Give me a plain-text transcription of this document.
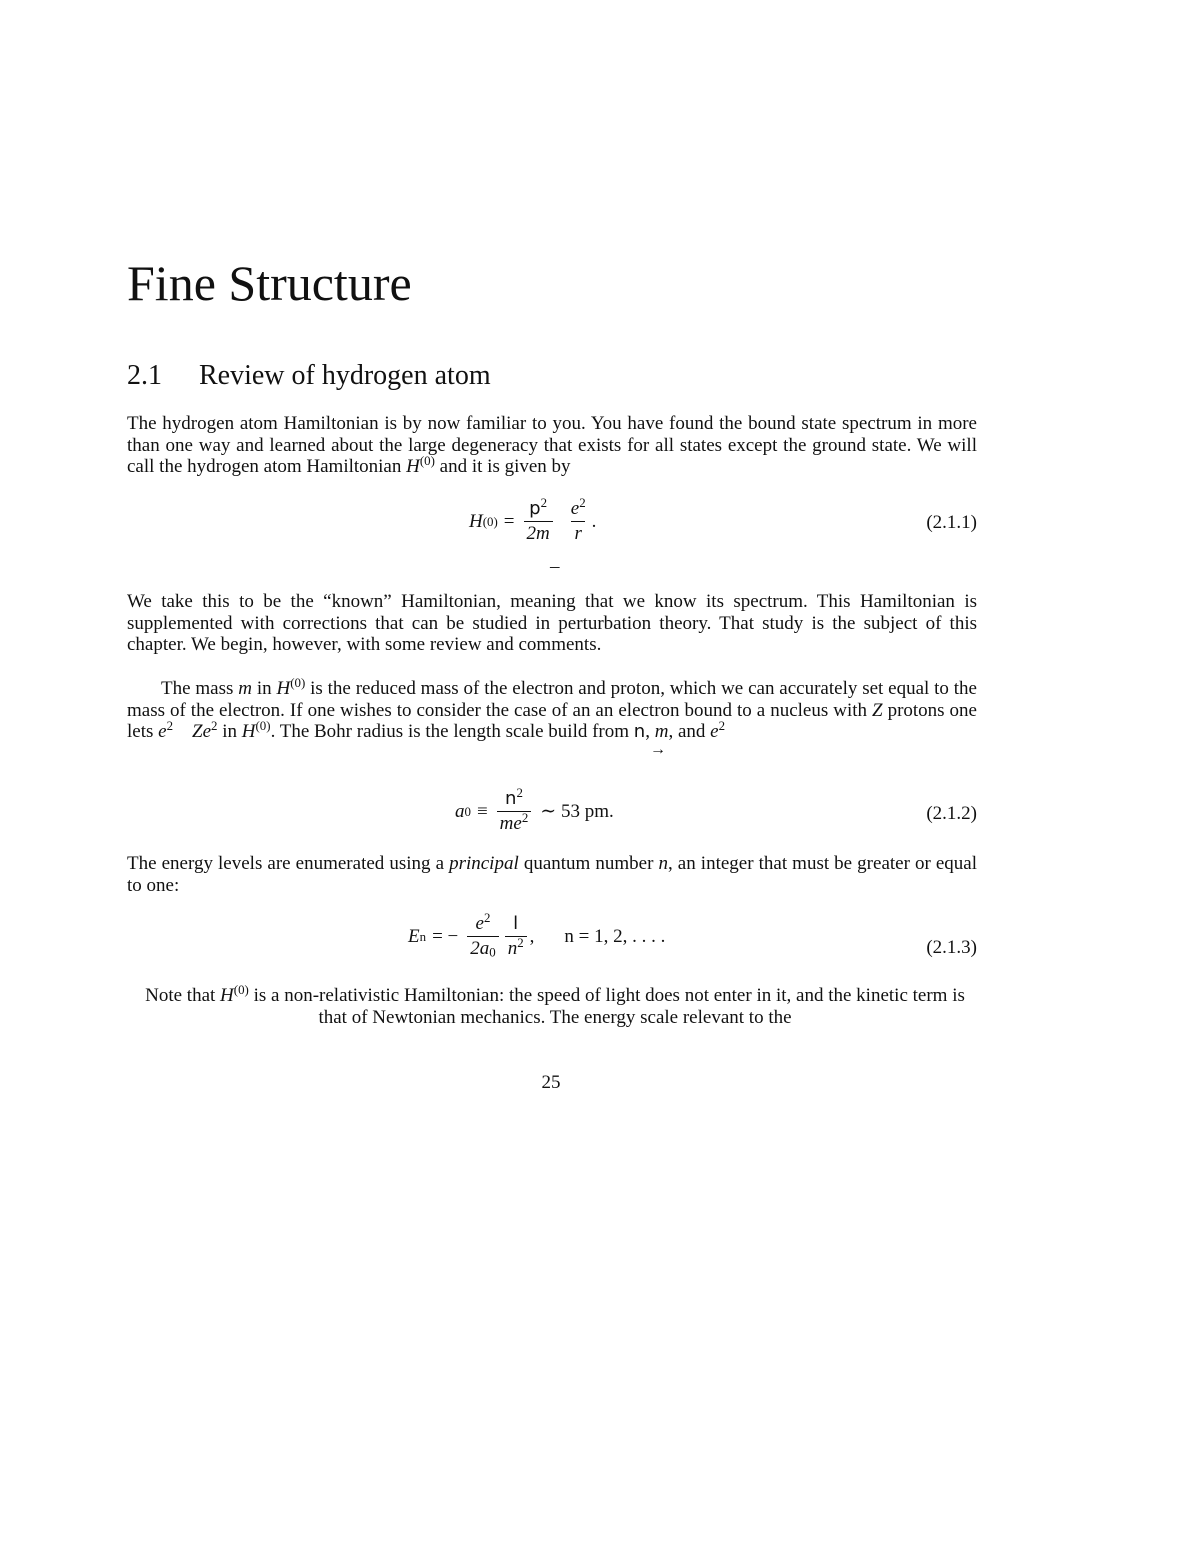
Fine Structure
2.1 Review of hydrogen atom

The hydrogen atom Hamiltonian is by now familiar to you. You have found the bound state spectrum in more than one way and learned about the large degeneracy that exists for all states except the ground state. We will call the hydrogen atom Hamiltonian $H^{(0)}$ and it is given by

H $(0) = \frac{p^2}{2m} \frac{e^2}{r}$ .
–
(2.1.1)

We take this to be the “known” Hamiltonian, meaning that we know its spectrum. This Hamiltonian is supplemented with corrections that can be studied in perturbation theory. That study is the subject of this chapter. We begin, however, with some review and comments.

The mass m in $H^{(0)}$ is the reduced mass of the electron and proton, which we can accurately set equal to the mass of the electron. If one wishes to consider the case of an an electron bound to a nucleus with Z protons one lets $e^2$ Ze$^2$ in $H^{(0)}$. The Bohr radius is the length scale build from n, m, and $e^2$

→
a $0 \equiv \frac{n^2}{me^2}$ ∼ 53 pm.	(2.1.2)

The energy levels are enumerated using a principal quantum number n, an integer that must be greater or equal to one:

E n = − $\frac{e^2}{2a_0} \frac{l}{n^2}$ , n = 1, 2, . . . .
(2.1.3)

Note that $H^{(0)}$ is a non-relativistic Hamiltonian: the speed of light does not enter in it, and the kinetic term is that of Newtonian mechanics. The energy scale relevant to the

25
